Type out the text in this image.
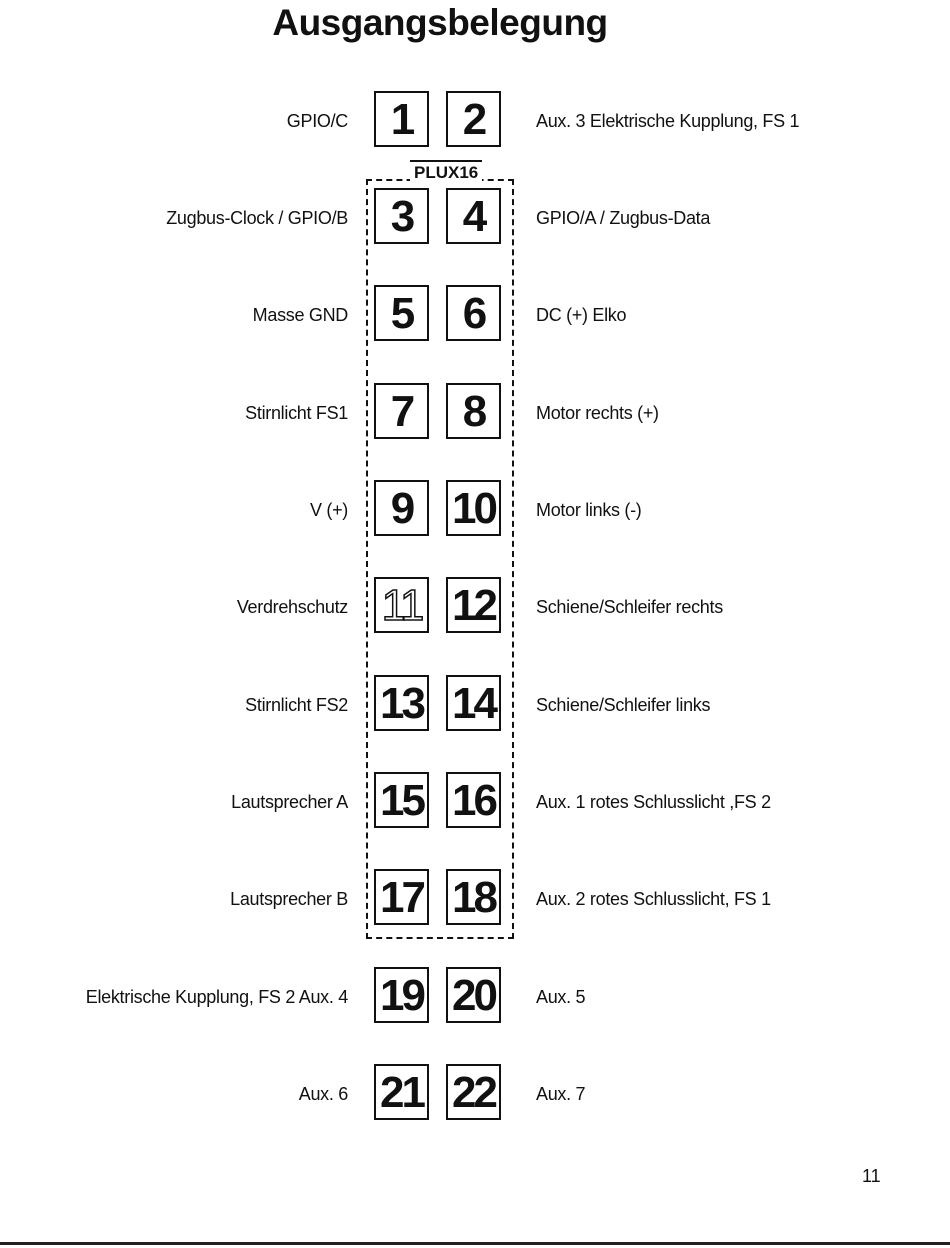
Ausgangsbelegung
PLUX16
GPIO/C 1	2	Aux. 3 Elektrische Kupplung, FS 1
Zugbus-Clock / GPIO/B 3	4	GPIO/A / Zugbus-Data
Masse GND 5	6	DC (+) Elko
Stirnlicht FS1 7	8	Motor rechts (+)
V (+) 9 10	Motor links (-)
Verdrehschutz 11 12	Schiene/Schleifer rechts
Stirnlicht FS2 13 14	Schiene/Schleifer links
Lautsprecher A 15 16	Aux. 1 rotes Schlusslicht ,FS 2
Lautsprecher B 17 18	Aux. 2 rotes Schlusslicht, FS 1
Elektrische Kupplung, FS 2 Aux. 4 19 20	Aux. 5
Aux. 6 21 22	Aux. 7
11
